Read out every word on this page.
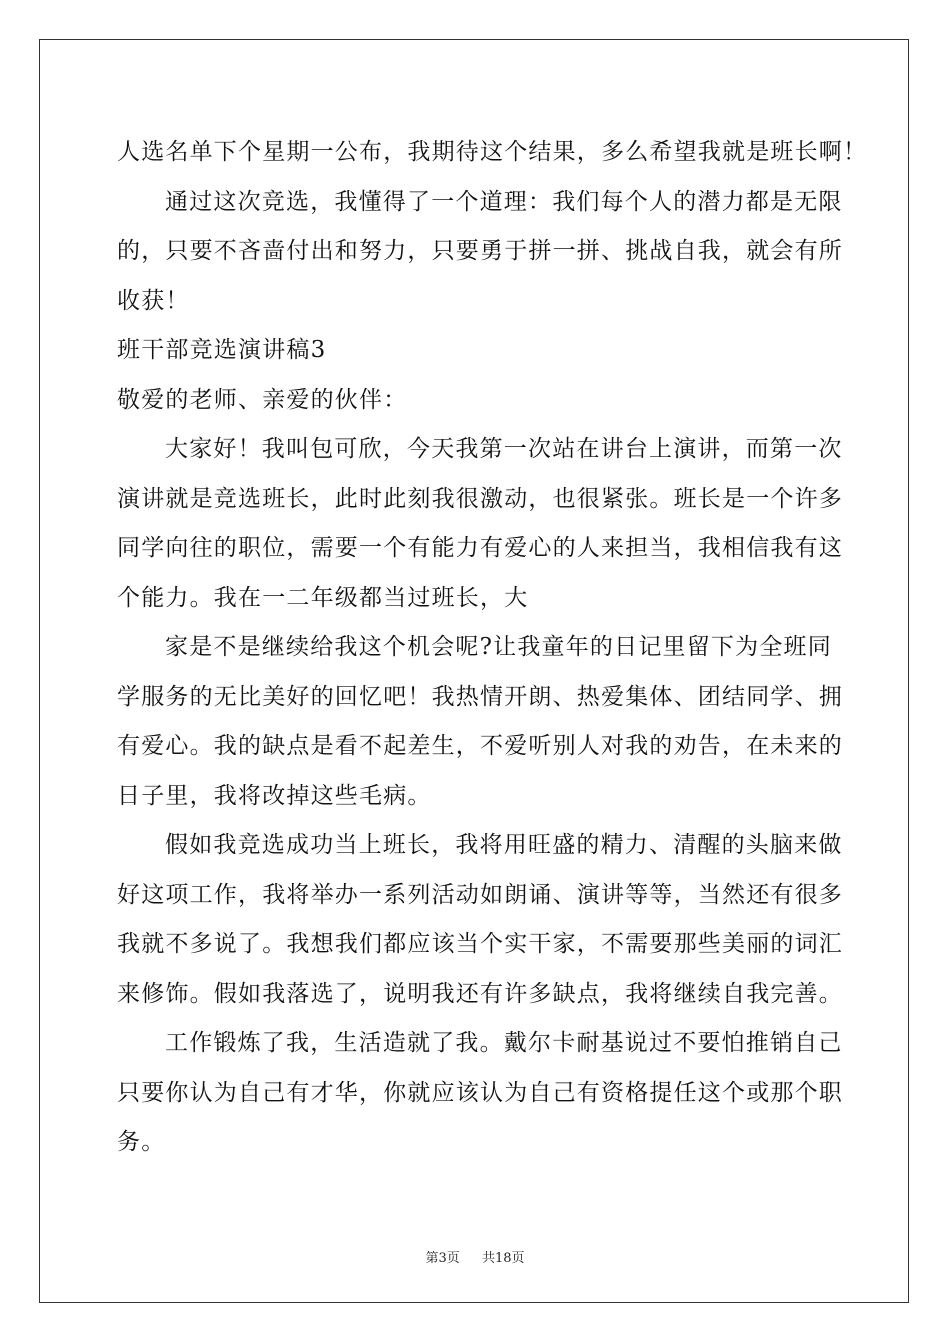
人选名单下个星期一公布，我期待这个结果，多么希望我就是班长啊！
通过这次竞选，我懂得了一个道理：我们每个人的潜力都是无限
的，只要不吝啬付出和努力，只要勇于拼一拼、挑战自我，就会有所
收获！
班干部竞选演讲稿3
敬爱的老师、亲爱的伙伴：
大家好！我叫包可欣，今天我第一次站在讲台上演讲，而第一次
演讲就是竞选班长，此时此刻我很激动，也很紧张。班长是一个许多
同学向往的职位，需要一个有能力有爱心的人来担当，我相信我有这
个能力。我在一二年级都当过班长，大
家是不是继续给我这个机会呢?让我童年的日记里留下为全班同
学服务的无比美好的回忆吧！我热情开朗、热爱集体、团结同学、拥
有爱心。我的缺点是看不起差生，不爱听别人对我的劝告，在未来的
日子里，我将改掉这些毛病。
假如我竞选成功当上班长，我将用旺盛的精力、清醒的头脑来做
好这项工作，我将举办一系列活动如朗诵、演讲等等，当然还有很多
我就不多说了。我想我们都应该当个实干家，不需要那些美丽的词汇
来修饰。假如我落选了，说明我还有许多缺点，我将继续自我完善。
工作锻炼了我，生活造就了我。戴尔卡耐基说过不要怕推销自己
只要你认为自己有才华，你就应该认为自己有资格提任这个或那个职
务。
第3页 共18页
